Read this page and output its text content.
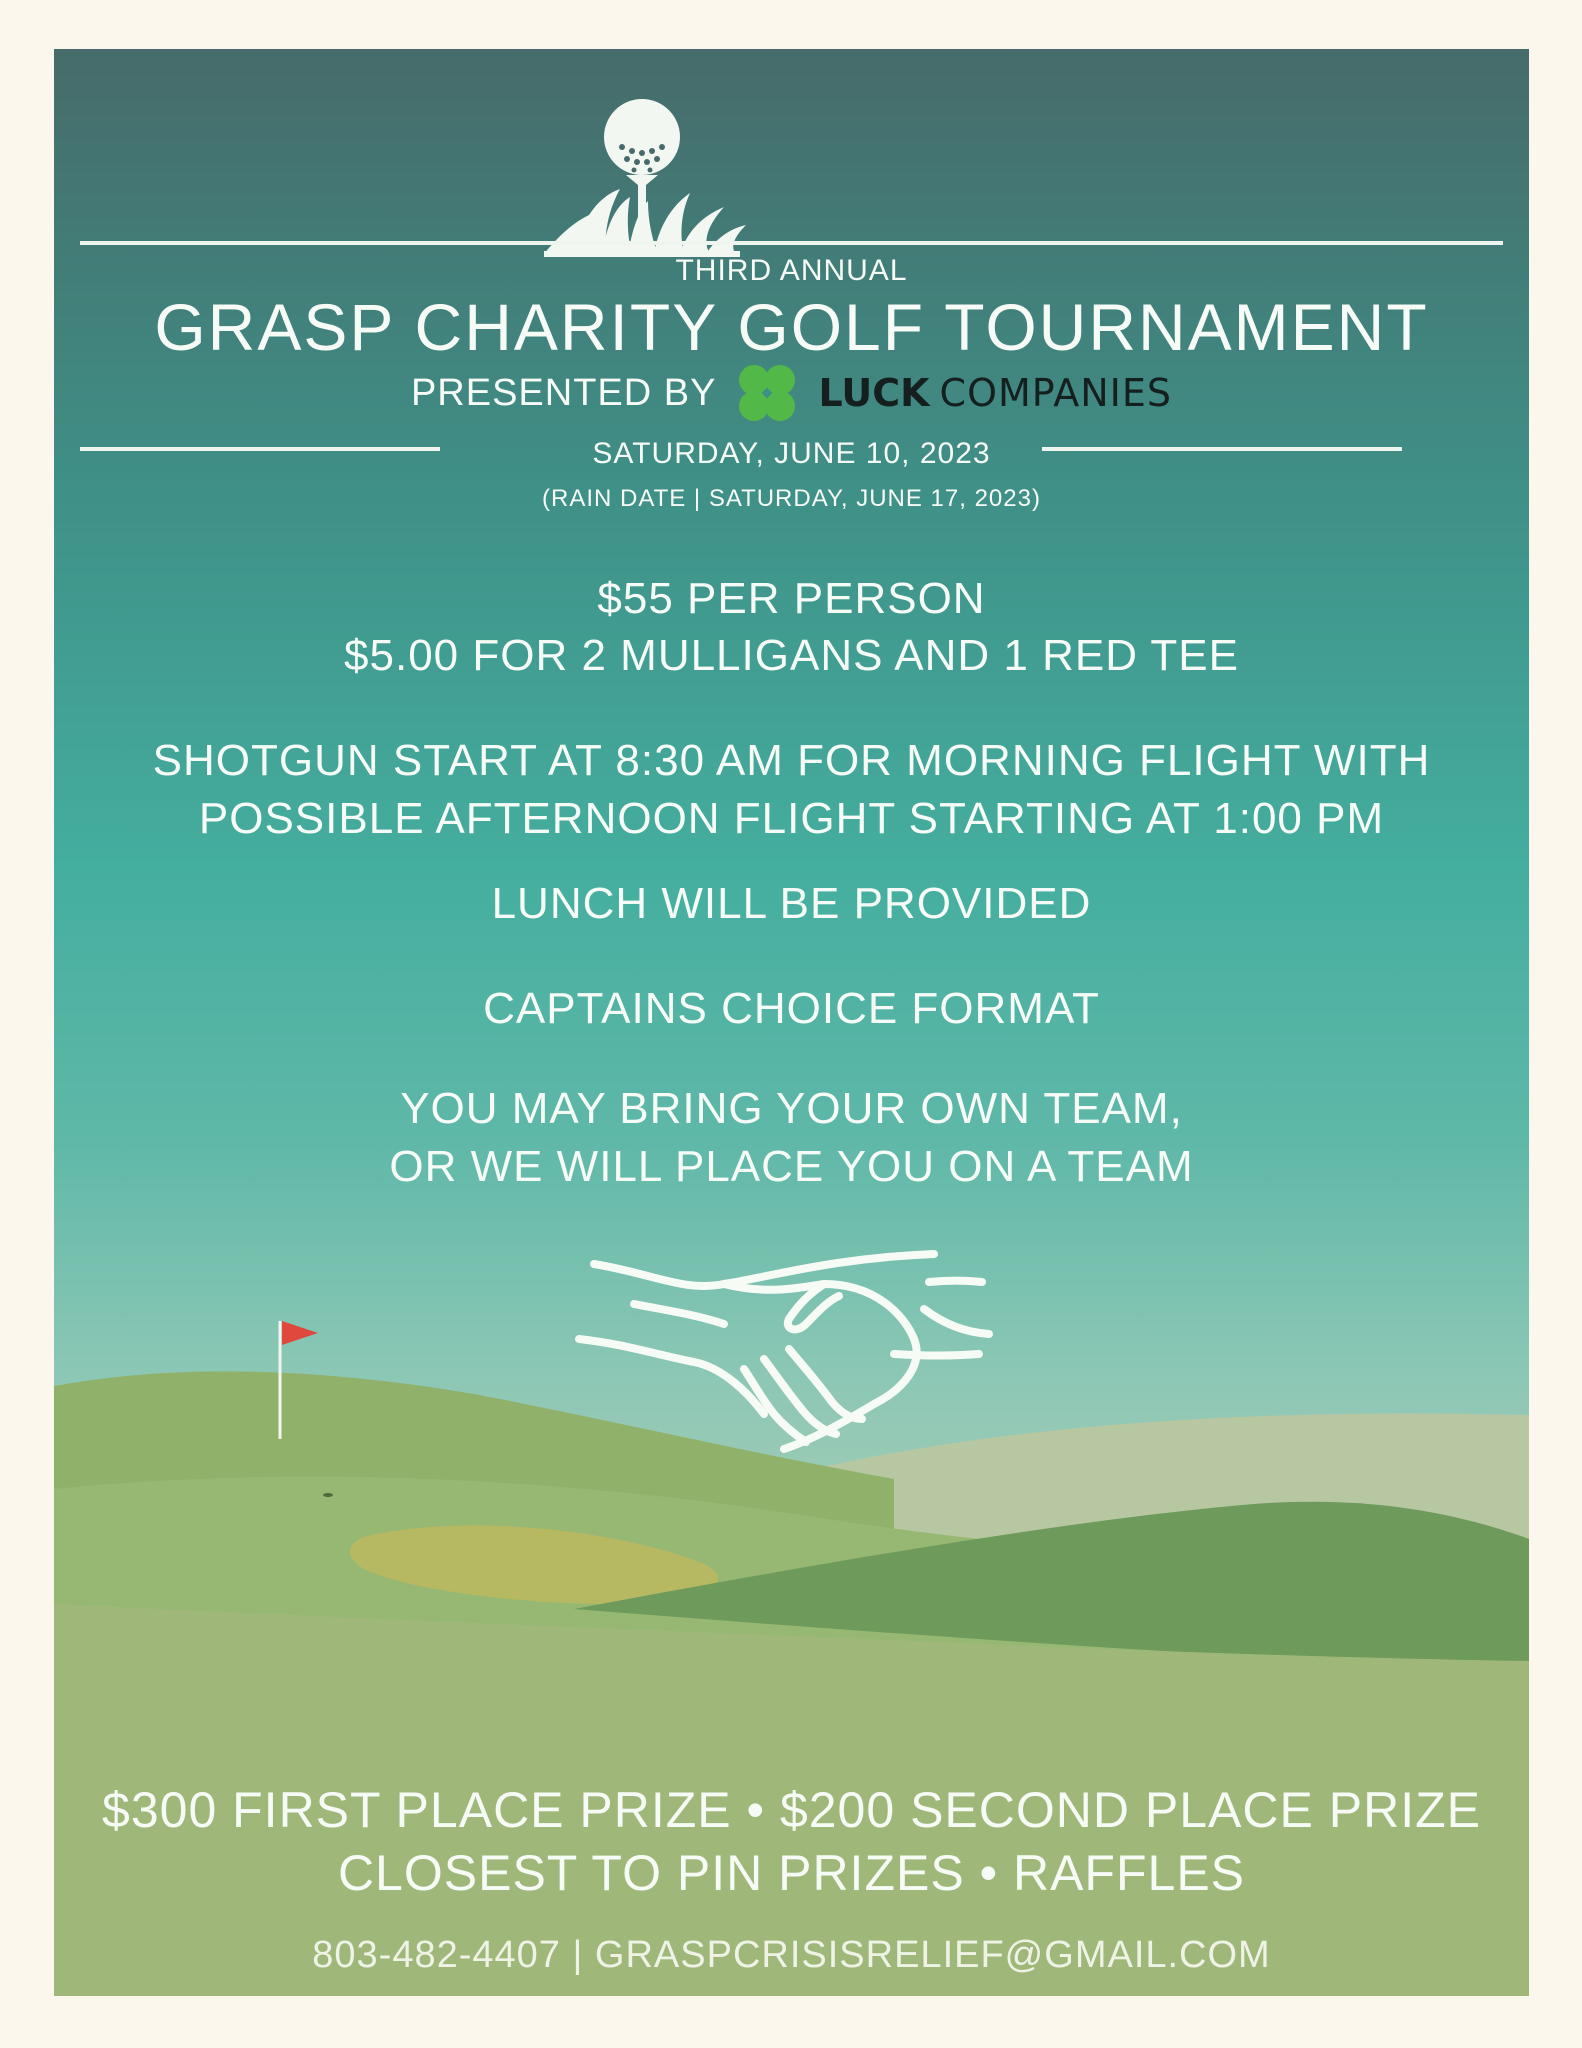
THIRD ANNUAL
GRASP CHARITY GOLF TOURNAMENT
PRESENTED BY	LUCK COMPANIES
SATURDAY, JUNE 10, 2023
(RAIN DATE | SATURDAY, JUNE 17, 2023)
$55 PER PERSON
$5.00 FOR 2 MULLIGANS AND 1 RED TEE
SHOTGUN START AT 8:30 AM FOR MORNING FLIGHT WITH
POSSIBLE AFTERNOON FLIGHT STARTING AT 1:00 PM
LUNCH WILL BE PROVIDED
CAPTAINS CHOICE FORMAT
YOU MAY BRING YOUR OWN TEAM,
OR WE WILL PLACE YOU ON A TEAM
$300 FIRST PLACE PRIZE • $200 SECOND PLACE PRIZE
CLOSEST TO PIN PRIZES • RAFFLES
803-482-4407 | GRASPCRISISRELIEF@GMAIL.COM
